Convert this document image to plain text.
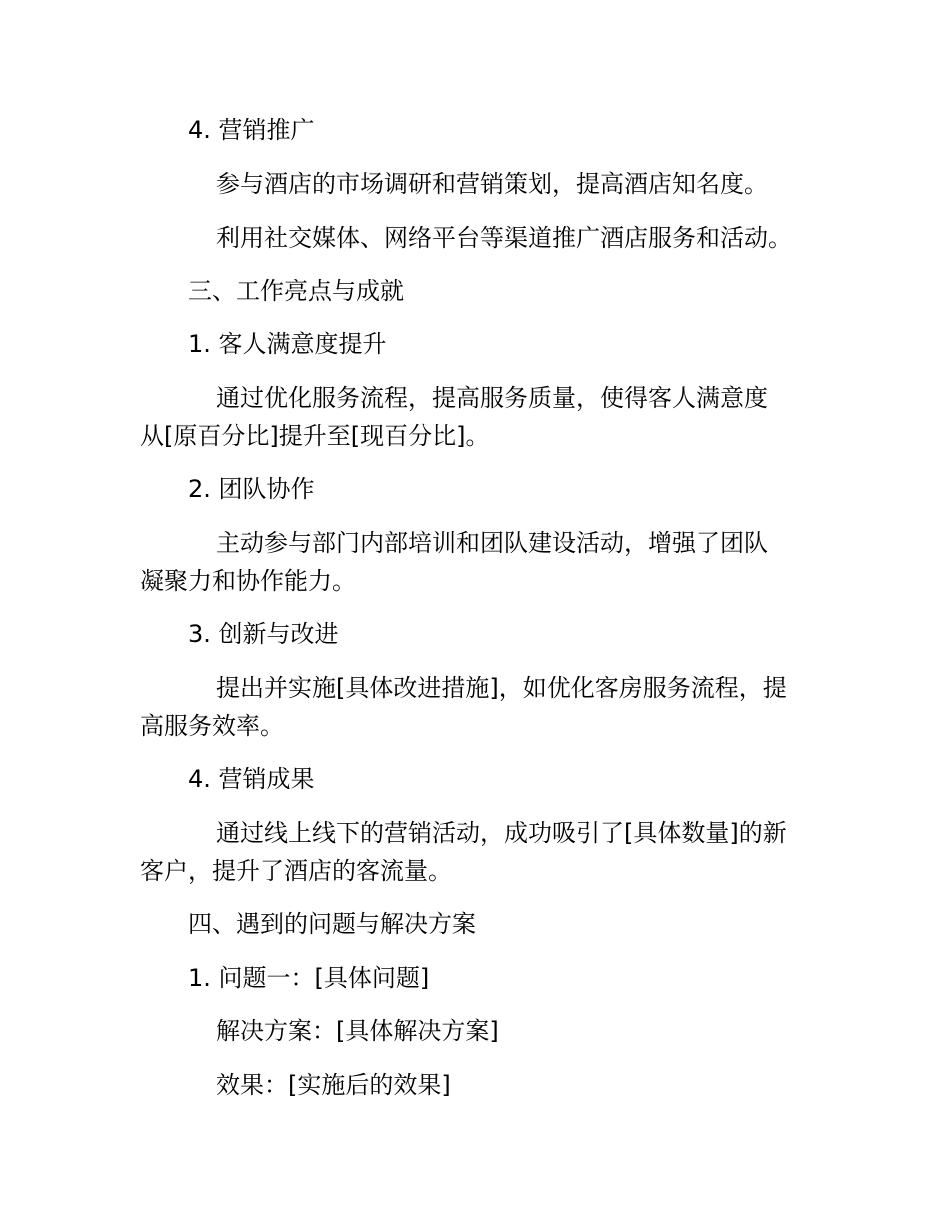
4. 营销推广
参与酒店的市场调研和营销策划，提高酒店知名度。
利用社交媒体、网络平台等渠道推广酒店服务和活动。
三、工作亮点与成就
1. 客人满意度提升
通过优化服务流程，提高服务质量，使得客人满意度
从[原百分比]提升至[现百分比]。
2. 团队协作
主动参与部门内部培训和团队建设活动，增强了团队
凝聚力和协作能力。
3. 创新与改进
提出并实施[具体改进措施]，如优化客房服务流程，提
高服务效率。
4. 营销成果
通过线上线下的营销活动，成功吸引了[具体数量]的新
客户，提升了酒店的客流量。
四、遇到的问题与解决方案
1. 问题一：[具体问题]
解决方案：[具体解决方案]
效果：[实施后的效果]
